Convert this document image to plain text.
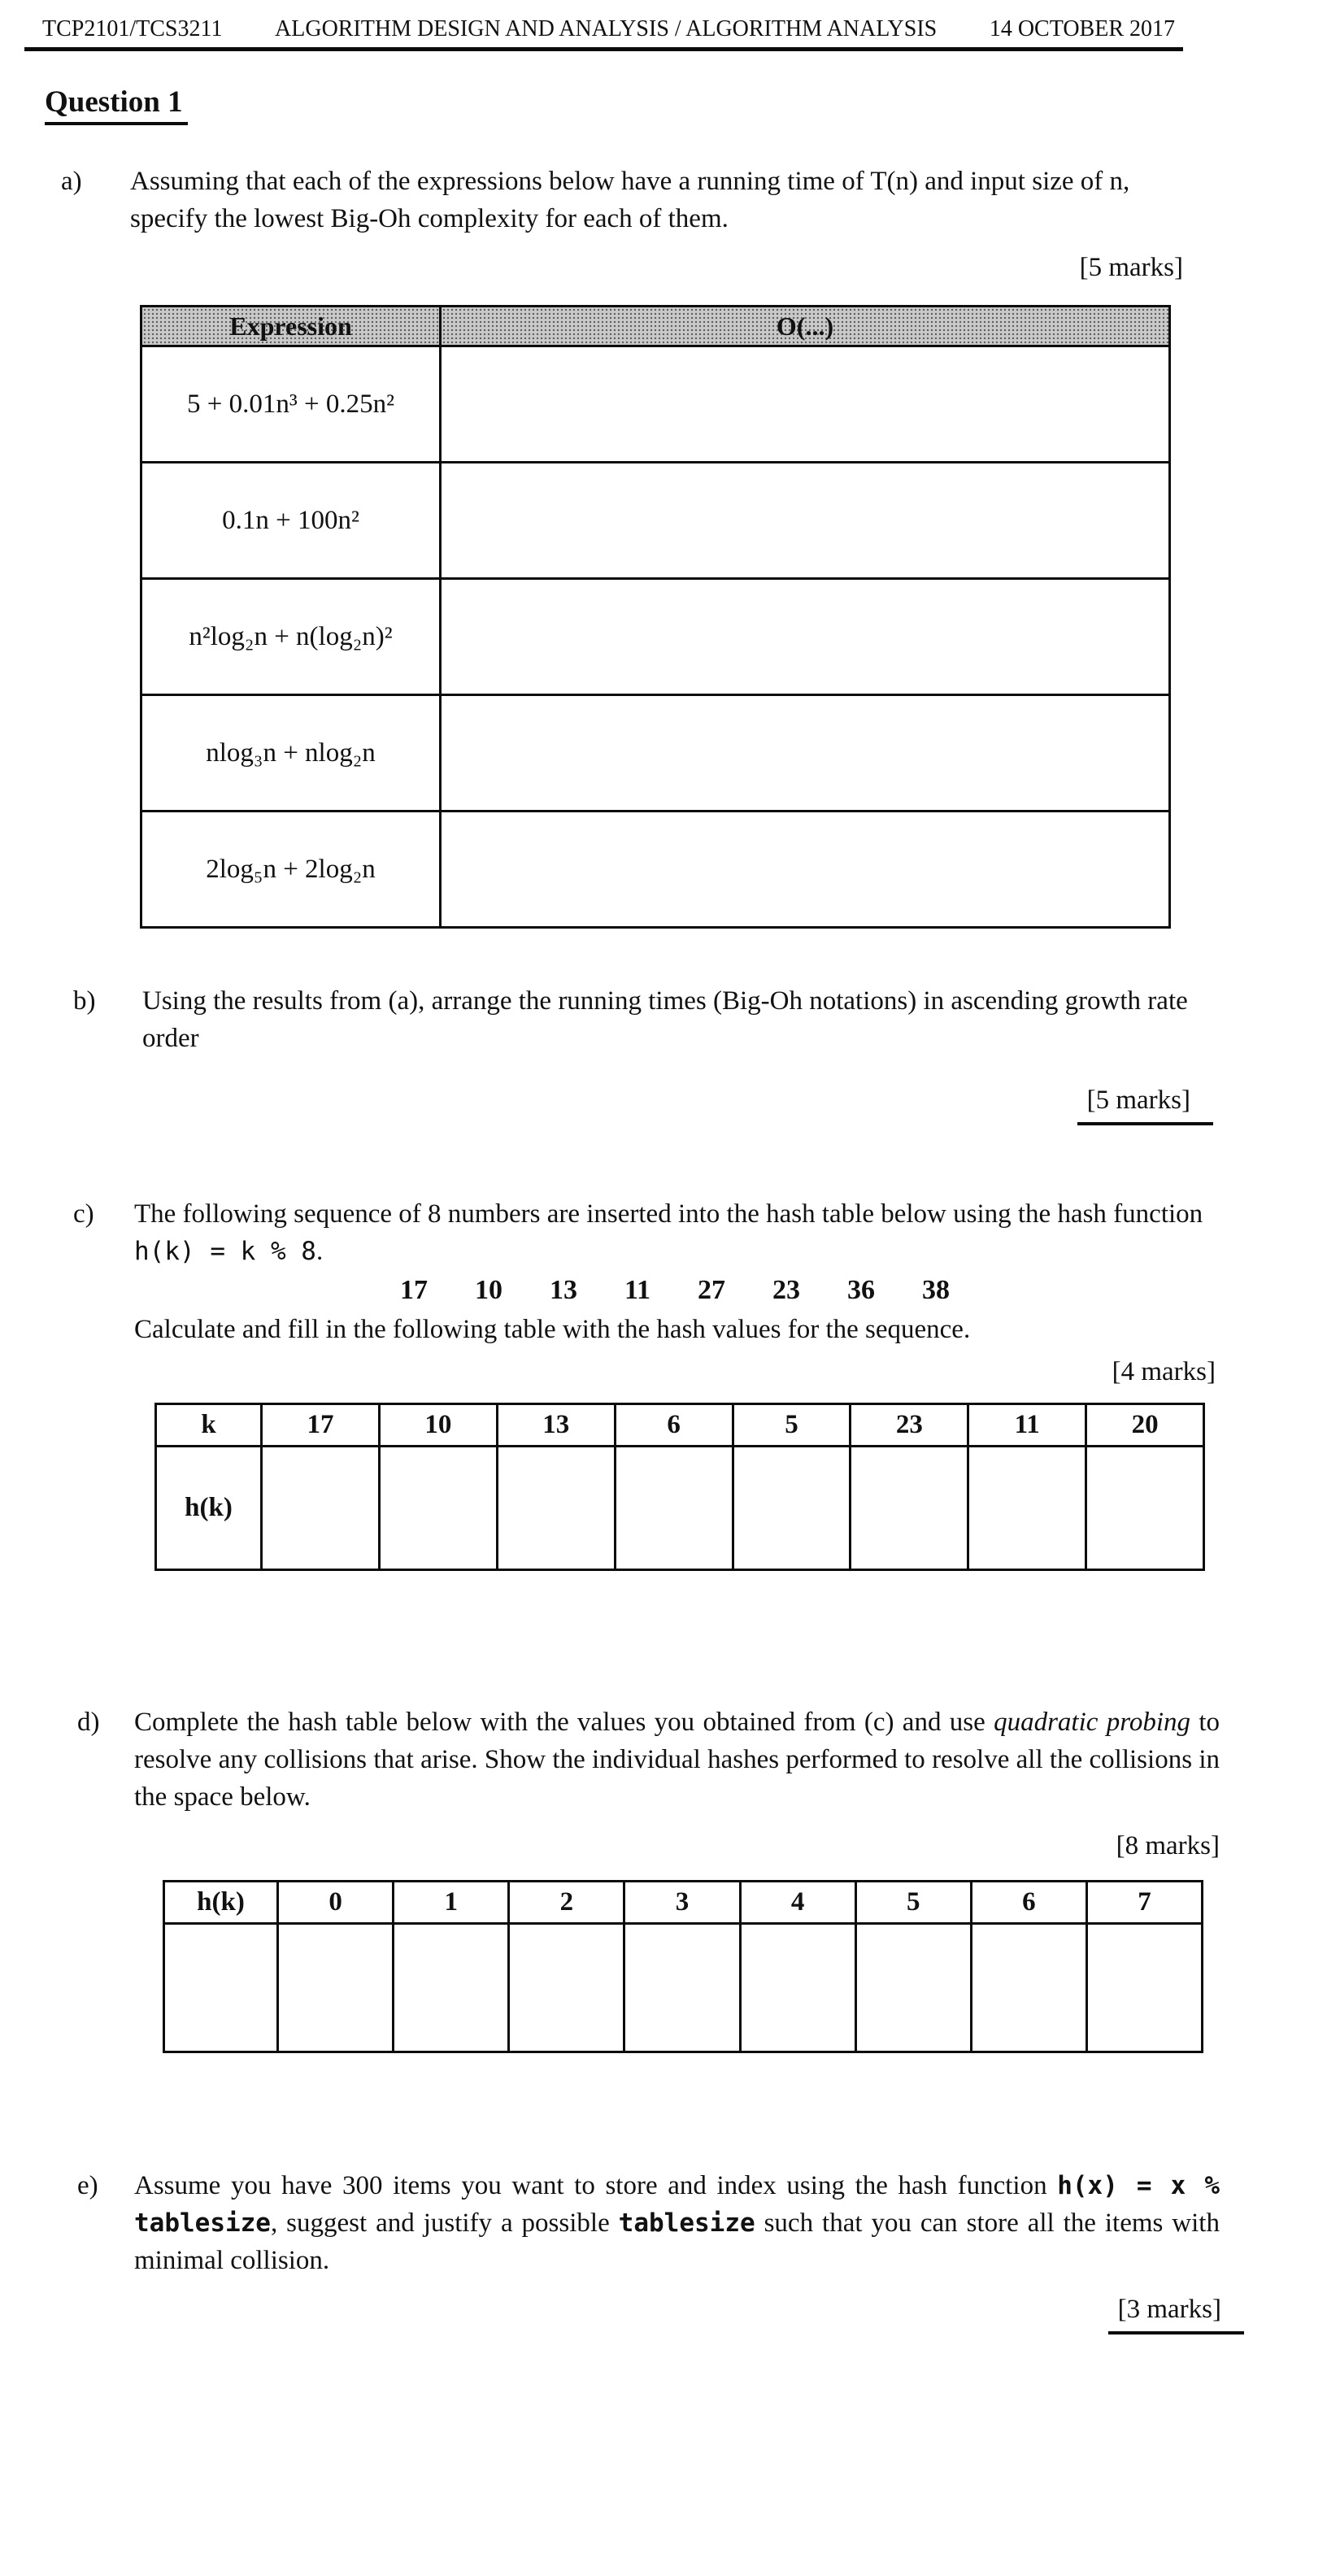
TCP2101/TCS3211	ALGORITHM DESIGN AND ANALYSIS / ALGORITHM ANALYSIS	14 OCTOBER 2017
Question 1
a) Assuming that each of the expressions below have a running time of T(n) and input size of n, specify the lowest Big-Oh complexity for each of them.

[5 marks]
Expression	O(...)
5 + 0.01n³ + 0.25n²	
0.1n + 100n²	
n²log₂n + n(log₂n)²	
nlog₃n + nlog₂n	
2log₅n + 2log₂n	
b) Using the results from (a), arrange the running times (Big-Oh notations) in ascending growth rate order

[5 marks]
c) The following sequence of 8 numbers are inserted into the hash table below using the hash function h(k) = k % 8.

17    10    13    11    27    23    36    38

Calculate and fill in the following table with the hash values for the sequence.

[4 marks]
k	17	10	13	6	5	23	11	20
h(k)								
d) Complete the hash table below with the values you obtained from (c) and use quadratic probing to resolve any collisions that arise. Show the individual hashes performed to resolve all the collisions in the space below.

[8 marks]
h(k)	0	1	2	3	4	5	6	7

e) Assume you have 300 items you want to store and index using the hash function h(x) = x % tablesize, suggest and justify a possible tablesize such that you can store all the items with minimal collision.

[3 marks]
